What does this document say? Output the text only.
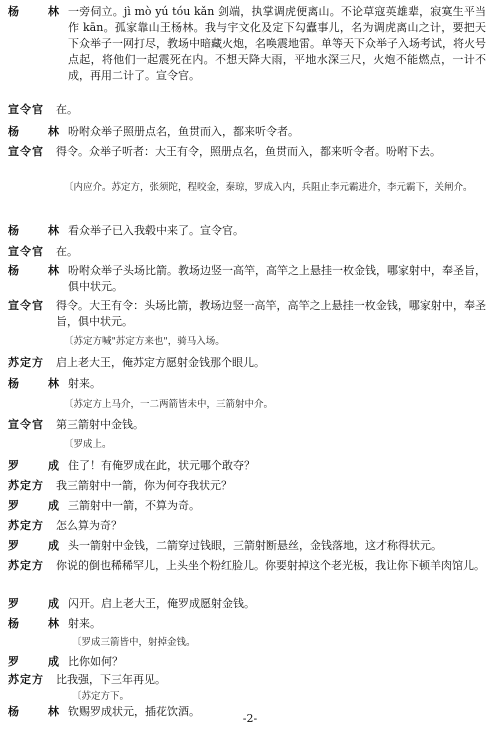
杨　林 一旁伺立。jì mò yú tóu kǎn 剑端，执掌调虎便离山。不论草寇英雄辈，寂寞生平当作 kān。孤家靠山王杨林。我与宇文化及定下勾蠹事儿，名为调虎离山之计，要把天下众举子一网打尽，教场中暗藏火炮，名唤震地雷。单等天下众举子入场考试，将火号点起，将他们一起震死在内。不想天降大雨，平地水深三尺，火炮不能燃点，一计不成，再用二计了。宣令官。
宣令官	在。
杨　林 吩咐众举子照册点名，鱼贯而入，都来听令者。
宣令官	得令。众举子听者：大王有令，照册点名，鱼贯而入，都来听令者。吩咐下去。
〔内应介。苏定方，张须陀，程咬金，秦琼，罗成入内，兵阻止李元霸进介，李元霸下，关闸介。
杨　林 看众举子已入我毂中来了。宣令官。
宣令官	在。
杨　林 吩咐众举子头场比箭。教场边竖一高竿，高竿之上悬挂一枚金钱，哪家射中，奉圣旨，俱中状元。
宣令官	得令。大王有令：头场比箭，教场边竖一高竿，高竿之上悬挂一枚金钱，哪家射中，奉圣旨，俱中状元。
〔苏定方喊"苏定方来也"，骑马入场。
苏定方	启上老大王，俺苏定方愿射金钱那个眼儿。
杨　林 射来。
〔苏定方上马介，一二两箭皆未中，三箭射中介。
宣令官	第三箭射中金钱。
〔罗成上。
罗　成 住了！有俺罗成在此，状元哪个敢夺？
苏定方	我三箭射中一箭，你为何夺我状元？
罗　成 三箭射中一箭，不算为奇。
苏定方	怎么算为奇？
罗　成 头一箭射中金钱，二箭穿过钱眼，三箭射断悬丝，金钱落地，这才称得状元。
苏定方	你说的倒也稀稀罕儿，上头坐个粉红脸儿。你要射掉这个老光板，我让你下顿羊肉馆儿。
罗　成 闪开。启上老大王，俺罗成愿射金钱。
杨　林 射来。
〔罗成三箭皆中，射掉金钱。
罗　成 比你如何？
苏定方	比我强，下三年再见。
〔苏定方下。
杨　林 钦赐罗成状元，插花饮酒。
-2-
